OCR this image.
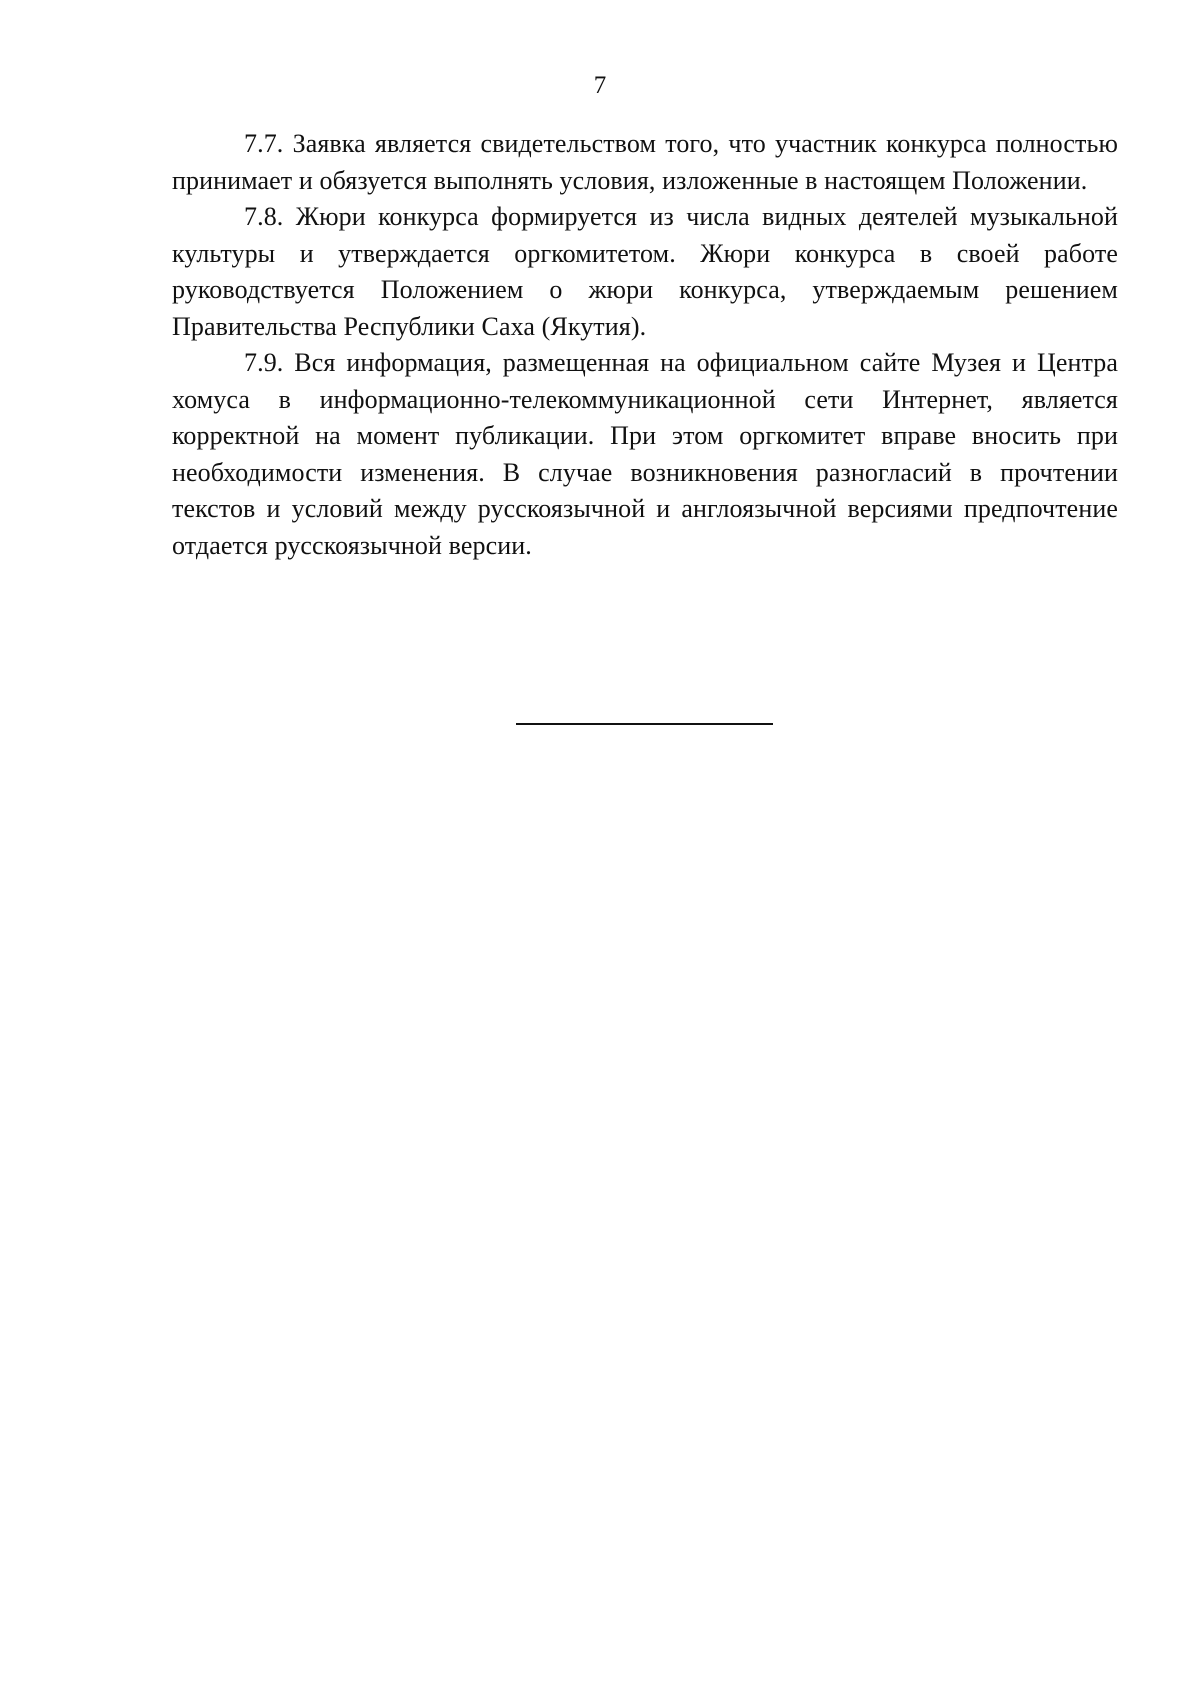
7

7.7. Заявка является свидетельством того, что участник конкурса полностью принимает и обязуется выполнять условия, изложенные в настоящем Положении.

7.8. Жюри конкурса формируется из числа видных деятелей музыкальной культуры и утверждается оргкомитетом. Жюри конкурса в своей работе руководствуется Положением о жюри конкурса, утверждаемым решением Правительства Республики Саха (Якутия).

7.9. Вся информация, размещенная на официальном сайте Музея и Центра хомуса в информационно-телекоммуникационной сети Интернет, является корректной на момент публикации. При этом оргкомитет вправе вносить при необходимости изменения. В случае возникновения разногласий в прочтении текстов и условий между русскоязычной и англоязычной версиями предпочтение отдается русскоязычной версии.
